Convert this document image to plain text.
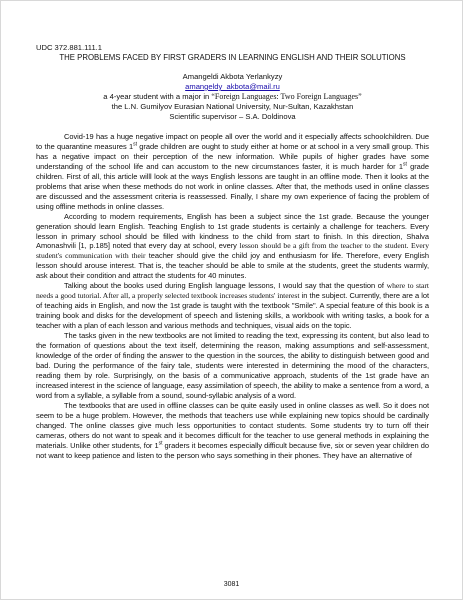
UDC 372.881.111.1

THE PROBLEMS FACED BY FIRST GRADERS IN LEARNING ENGLISH AND THEIR SOLUTIONS

Amangeldi Akbota Yerlankyzy

amangeldy_akbota@mail.ru

a 4-year student with a major in “Foreign Languages: Two Foreign Languages”

the L.N. Gumilyov Eurasian National University, Nur-Sultan, Kazakhstan

Scientific supervisor – S.A. Doldinova

Covid-19 has a huge negative impact on people all over the world and it especially affects schoolchildren. Due to the quarantine measures 1st grade children are ought to study either at home or at school in a very small group. This has a negative impact on their perception of the new information. While pupils of higher grades have some understanding of the school life and can accustom to the new circumstances faster, it is much harder for 1st grade children. First of all, this article willl look at the ways English lessons are taught in an offline mode. Then it looks at the problems that arise when these methods do not work in online classes. After that, the methods used in online classes are discussed and the assessment criteria is reassessed. Finally, I share my own experience of facing the problem of using offline methods in online classes.

According to modern requirements, English has been a subject since the 1st grade. Because the younger generation should learn English. Teaching English to 1st grade students is certainly a challenge for teachers. Every lesson in primary school should be filled with kindness to the child from start to finish. In this direction, Shalva Amonashvili [1, p.185] noted that every day at school, every lesson should be a gift from the teacher to the student. Every student's communication with their teacher should give the child joy and enthusiasm for life. Therefore, every English lesson should arouse interest. That is, the teacher should be able to smile at the students, greet the students warmly, ask about their condition and attract the students for 40 minutes.

Talking about the books used during English language lessons, I would say that the question of where to start needs a good tutorial. After all, a properly selected textbook increases students' interest in the subject. Currently, there are a lot of teaching aids in English, and now the 1st grade is taught with the textbook "Smile". A special feature of this book is a training book and disks for the development of speech and listening skills, a workbook with writing tasks, a book for a teacher with a plan of each lesson and various methods and techniques, visual aids on the topic.

The tasks given in the new textbooks are not limited to reading the text, expressing its content, but also lead to the formation of questions about the text itself, determining the reason, making assumptions and self-assessment, knowledge of the order of finding the answer to the question in the sources, the ability to distinguish between good and bad. During the performance of the fairy tale, students were interested in determining the mood of the characters, reading them by role. Surprisingly, on the basis of a communicative approach, students of the 1st grade have an increased interest in the science of language, easy assimilation of speech, the ability to make a sentence from a word, a word from a syllable, a syllable from a sound, sound-syllabic analysis of a word.

The textbooks that are used in offline classes can be quite easily used in online classes as well. So it does not seem to be a huge problem. However, the methods that teachers use while explaining new topics should be cardinally changed. The online classes give much less opportunities to contact students. Some students try to turn off their cameras, others do not want to speak and it becomes difficult for the teacher to use general methods in explaining the materials. Unlike other students, for 1st graders it becomes especially difficult because five, six or seven year children do not want to keep patience and listen to the person who says something in their phones. They have an alternative of

3081
